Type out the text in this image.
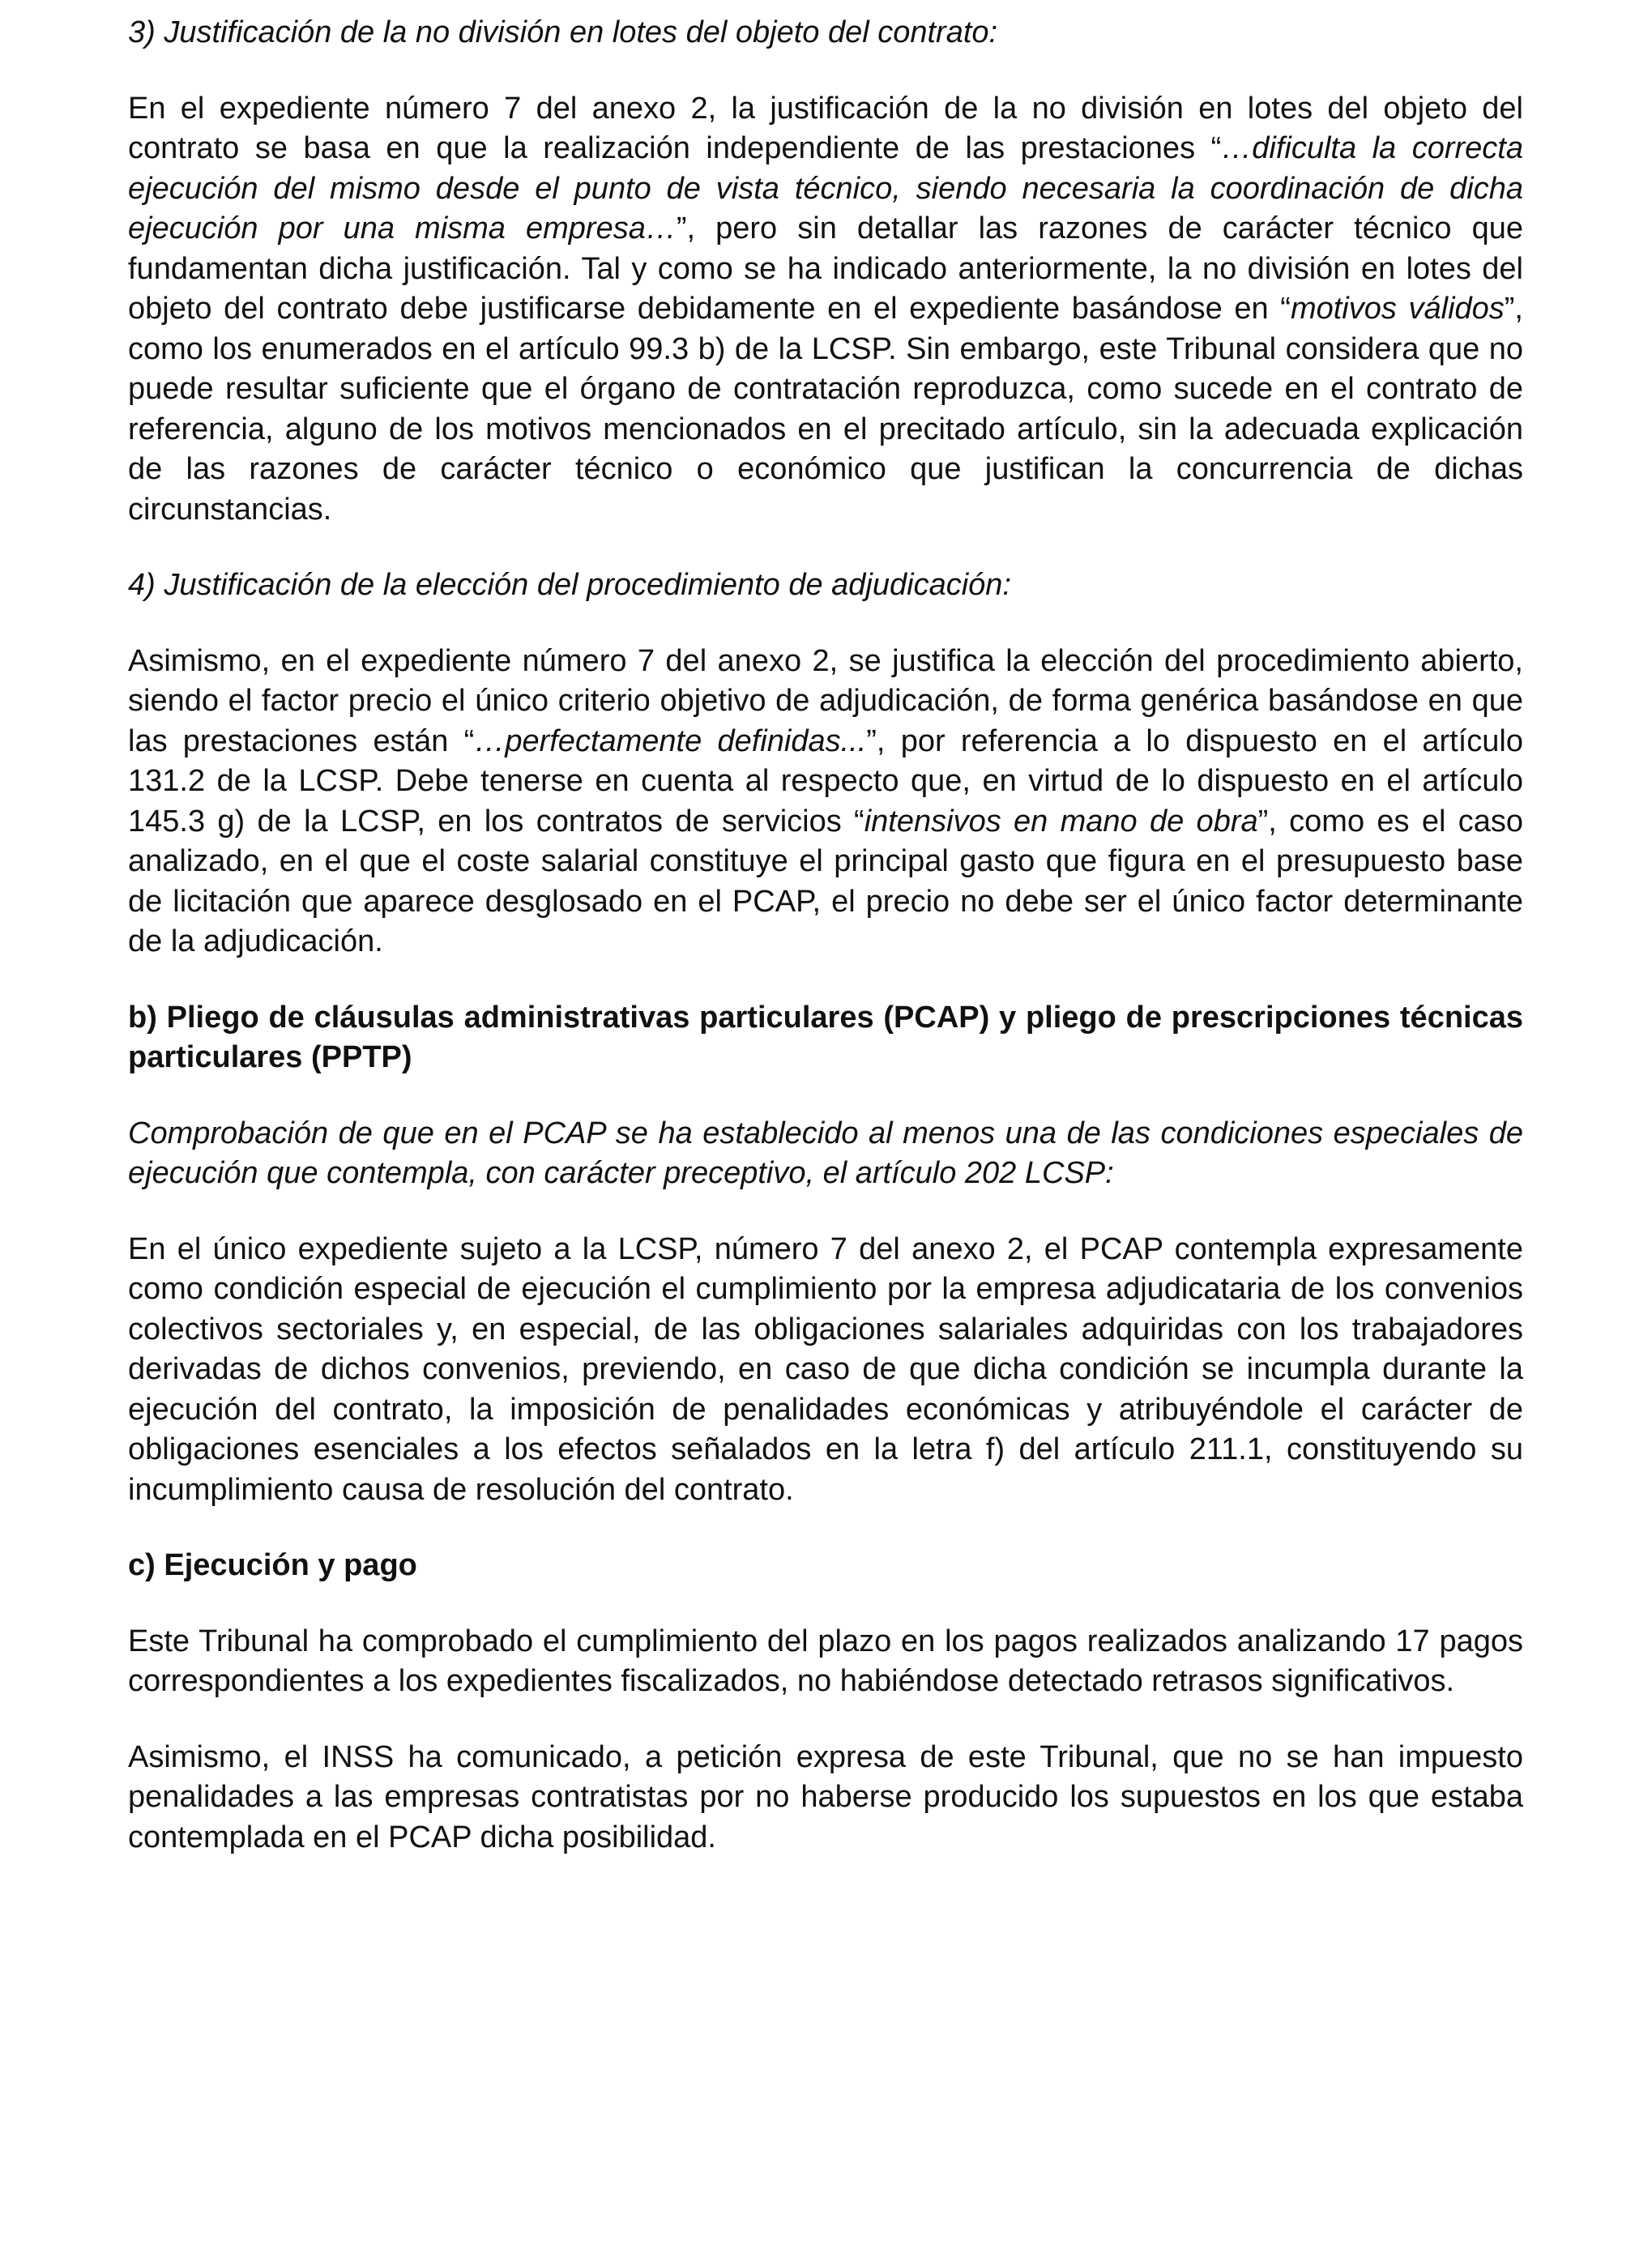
3) Justificación de la no división en lotes del objeto del contrato:

En el expediente número 7 del anexo 2, la justificación de la no división en lotes del objeto del contrato se basa en que la realización independiente de las prestaciones “…dificulta la correcta ejecución del mismo desde el punto de vista técnico, siendo necesaria la coordinación de dicha ejecución por una misma empresa…”, pero sin detallar las razones de carácter técnico que fundamentan dicha justificación. Tal y como se ha indicado anteriormente, la no división en lotes del objeto del contrato debe justificarse debidamente en el expediente basándose en “motivos válidos”, como los enumerados en el artículo 99.3 b) de la LCSP. Sin embargo, este Tribunal considera que no puede resultar suficiente que el órgano de contratación reproduzca, como sucede en el contrato de referencia, alguno de los motivos mencionados en el precitado artículo, sin la adecuada explicación de las razones de carácter técnico o económico que justifican la concurrencia de dichas circunstancias.

4) Justificación de la elección del procedimiento de adjudicación:

Asimismo, en el expediente número 7 del anexo 2, se justifica la elección del procedimiento abierto, siendo el factor precio el único criterio objetivo de adjudicación, de forma genérica basándose en que las prestaciones están “…perfectamente definidas...”, por referencia a lo dispuesto en el artículo 131.2 de la LCSP. Debe tenerse en cuenta al respecto que, en virtud de lo dispuesto en el artículo 145.3 g) de la LCSP, en los contratos de servicios “intensivos en mano de obra”, como es el caso analizado, en el que el coste salarial constituye el principal gasto que figura en el presupuesto base de licitación que aparece desglosado en el PCAP, el precio no debe ser el único factor determinante de la adjudicación.

b) Pliego de cláusulas administrativas particulares (PCAP) y pliego de prescripciones técnicas particulares (PPTP)

Comprobación de que en el PCAP se ha establecido al menos una de las condiciones especiales de ejecución que contempla, con carácter preceptivo, el artículo 202 LCSP:

En el único expediente sujeto a la LCSP, número 7 del anexo 2, el PCAP contempla expresamente como condición especial de ejecución el cumplimiento por la empresa adjudicataria de los convenios colectivos sectoriales y, en especial, de las obligaciones salariales adquiridas con los trabajadores derivadas de dichos convenios, previendo, en caso de que dicha condición se incumpla durante la ejecución del contrato, la imposición de penalidades económicas y atribuyéndole el carácter de obligaciones esenciales a los efectos señalados en la letra f) del artículo 211.1, constituyendo su incumplimiento causa de resolución del contrato.

c) Ejecución y pago

Este Tribunal ha comprobado el cumplimiento del plazo en los pagos realizados analizando 17 pagos correspondientes a los expedientes fiscalizados, no habiéndose detectado retrasos significativos.

Asimismo, el INSS ha comunicado, a petición expresa de este Tribunal, que no se han impuesto penalidades a las empresas contratistas por no haberse producido los supuestos en los que estaba contemplada en el PCAP dicha posibilidad.
